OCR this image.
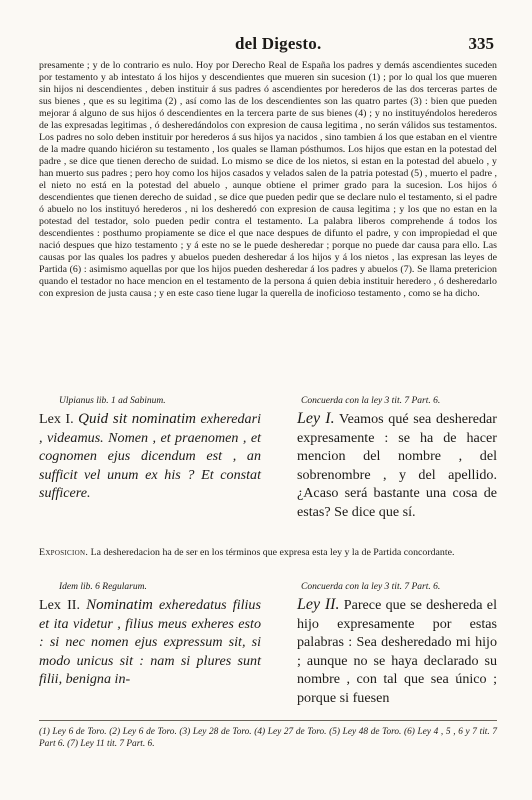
del Digesto.	335

presamente ; y de lo contrario es nulo. Hoy por Derecho Real de España los padres y demás ascendientes suceden por testamento y ab intestato á los hijos y descendientes que mueren sin sucesion (1) ; por lo qual los que mueren sin hijos ni descendientes , deben instituir á sus padres ó ascendientes por herederos de las dos terceras partes de sus bienes , que es su legitima (2) , así como las de los descendientes son las quatro partes (3) : bien que pueden mejorar á alguno de sus hijos ó descendientes en la tercera parte de sus bienes (4) ; y no instituyéndolos herederos de las expresadas legitimas , ó desheredándolos con expresion de causa legitima , no serán válidos sus testamentos. Los padres no solo deben instituir por herederos á sus hijos ya nacidos , sino tambien á los que estaban en el vientre de la madre quando hiciéron su testamento , los quales se llaman pósthumos. Los hijos que estan en la potestad del padre , se dice que tienen derecho de suidad. Lo mismo se dice de los nietos, si estan en la potestad del abuelo , y han muerto sus padres ; pero hoy como los hijos casados y velados salen de la patria potestad (5) , muerto el padre , el nieto no está en la potestad del abuelo , aunque obtiene el primer grado para la sucesion. Los hijos ó descendientes que tienen derecho de suidad , se dice que pueden pedir que se declare nulo el testamento, si el padre ó abuelo no los instituyó herederos , ni los desheredó con expresion de causa legitima ; y los que no estan en la potestad del testador, solo pueden pedir contra el testamento. La palabra liberos comprehende á todos los descendientes : posthumo propiamente se dice el que nace despues de difunto el padre, y con impropiedad el que nació despues que hizo testamento ; y á este no se le puede desheredar ; porque no puede dar causa para ello. Las causas por las quales los padres y abuelos pueden desheredar á los hijos y á los nietos , las expresan las leyes de Partida (6) : asimismo aquellas por que los hijos pueden desheredar á los padres y abuelos (7). Se llama pretericion quando el testador no hace mencion en el testamento de la persona á quien debia instituir heredero , ó desheredarlo con expresion de justa causa ; y en este caso tiene lugar la querella de inoficioso testamento , como se ha dicho.

Ulpianus lib. 1 ad Sabinum.	Concuerda con la ley 3 tit. 7 Part. 6.
Lex I. Quid sit nominatim exheredari , videamus. Nomen , et praenomen , et cognomen ejus dicendum est , an sufficit vel unum ex his ? Et constat sufficere.
Ley I. Veamos qué sea desheredar expresamente : se ha de hacer mencion del nombre , del sobrenombre , y del apellido. ¿Acaso será bastante una cosa de estas? Se dice que sí.
Exposicion. La desheredacion ha de ser en los términos que expresa esta ley y la de Partida concordante.
Idem lib. 6 Regularum.	Concuerda con la ley 3 tit. 7 Part. 6.
Lex II. Nominatim exheredatus filius et ita videtur , filius meus exheres esto : si nec nomen ejus expressum sit, si modo unicus sit : nam si plures sunt filii, benigna in-
Ley II. Parece que se deshereda el hijo expresamente por estas palabras : Sea desheredado mi hijo ; aunque no se haya declarado su nombre , con tal que sea único ; porque si fuesen
(1) Ley 6 de Toro. (2) Ley 6 de Toro. (3) Ley 28 de Toro. (4) Ley 27 de Toro. (5) Ley 48 de Toro. (6) Ley 4 , 5 , 6 y 7 tit. 7 Part 6. (7) Ley 11 tit. 7 Part. 6.
